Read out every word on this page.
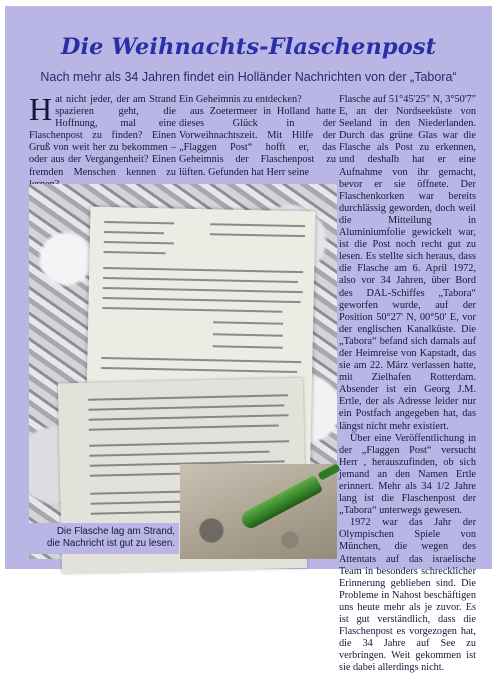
Die Weihnachts-Flaschenpost

Nach mehr als 34 Jahren findet ein Holländer Nachrichten von der „Tabora“

Hat nicht jeder, der am Strand spazieren geht, die Hoffnung, mal eine Flaschenpost zu finden? Einen Gruß von weit her zu bekommen – oder aus der Vergangenheit? Einen fremden Menschen kennen zu

Ein Geheimnis zu entdecken?

aus Zoetermeer in Holland hatte dieses Glück in der Vorweihnachtszeit. Mit Hilfe der „Flaggen Post“ hofft er, das Geheimnis der Flaschenpost zu lüften. Gefunden hat Herr seine

Flasche auf 51°45'25" N, 3°50'7" E, an der Nordseeküste von Seeland in den Niederlanden. Durch das grüne Glas war die Flasche als Post zu erkennen, und deshalb hat er eine Aufnahme von ihr gemacht, bevor er sie öffnete. Der Flaschenkorken war bereits durchlässig geworden, doch weil die Mitteilung in Aluminiumfolie gewickelt war, ist die Post noch recht gut zu lesen. Es stellte sich heraus, dass die Flasche am 6. April 1972, also vor 34 Jahren, über Bord des DAL-Schiffes „Tabora“ geworfen wurde, auf der Position 50°27' N, 00°50' E, vor der englischen Kanalküste. Die „Tabora“ befand sich damals auf der Heimreise von Kapstadt, das sie am 22. März verlassen hatte, mit Zielhafen Rotterdam. Absender ist ein Georg J.M. Ertle, der als Adresse leider nur ein Postfach angegeben hat, das längst nicht mehr existiert.

Über eine Veröffentlichung in der „Flaggen Post“ versucht Herr , herauszufinden, ob sich jemand an den Namen Ertle erinnert. Mehr als 34 1/2 Jahre lang ist die Flaschenpost der „Tabora“ unterwegs gewesen.

1972 war das Jahr der Olympischen Spiele von München, die wegen des Attentats auf das israelische Team in besonders schrecklicher Erinnerung geblieben sind. Die Probleme in Nahost beschäftigen uns heute mehr als je zuvor. Es ist gut verständlich, dass die Flaschenpost es vorgezogen hat, die 34 Jahre auf See zu verbringen. Weit gekommen ist sie dabei allerdings nicht.

Die Flasche lag am Strand,
die Nachricht ist gut zu lesen.
